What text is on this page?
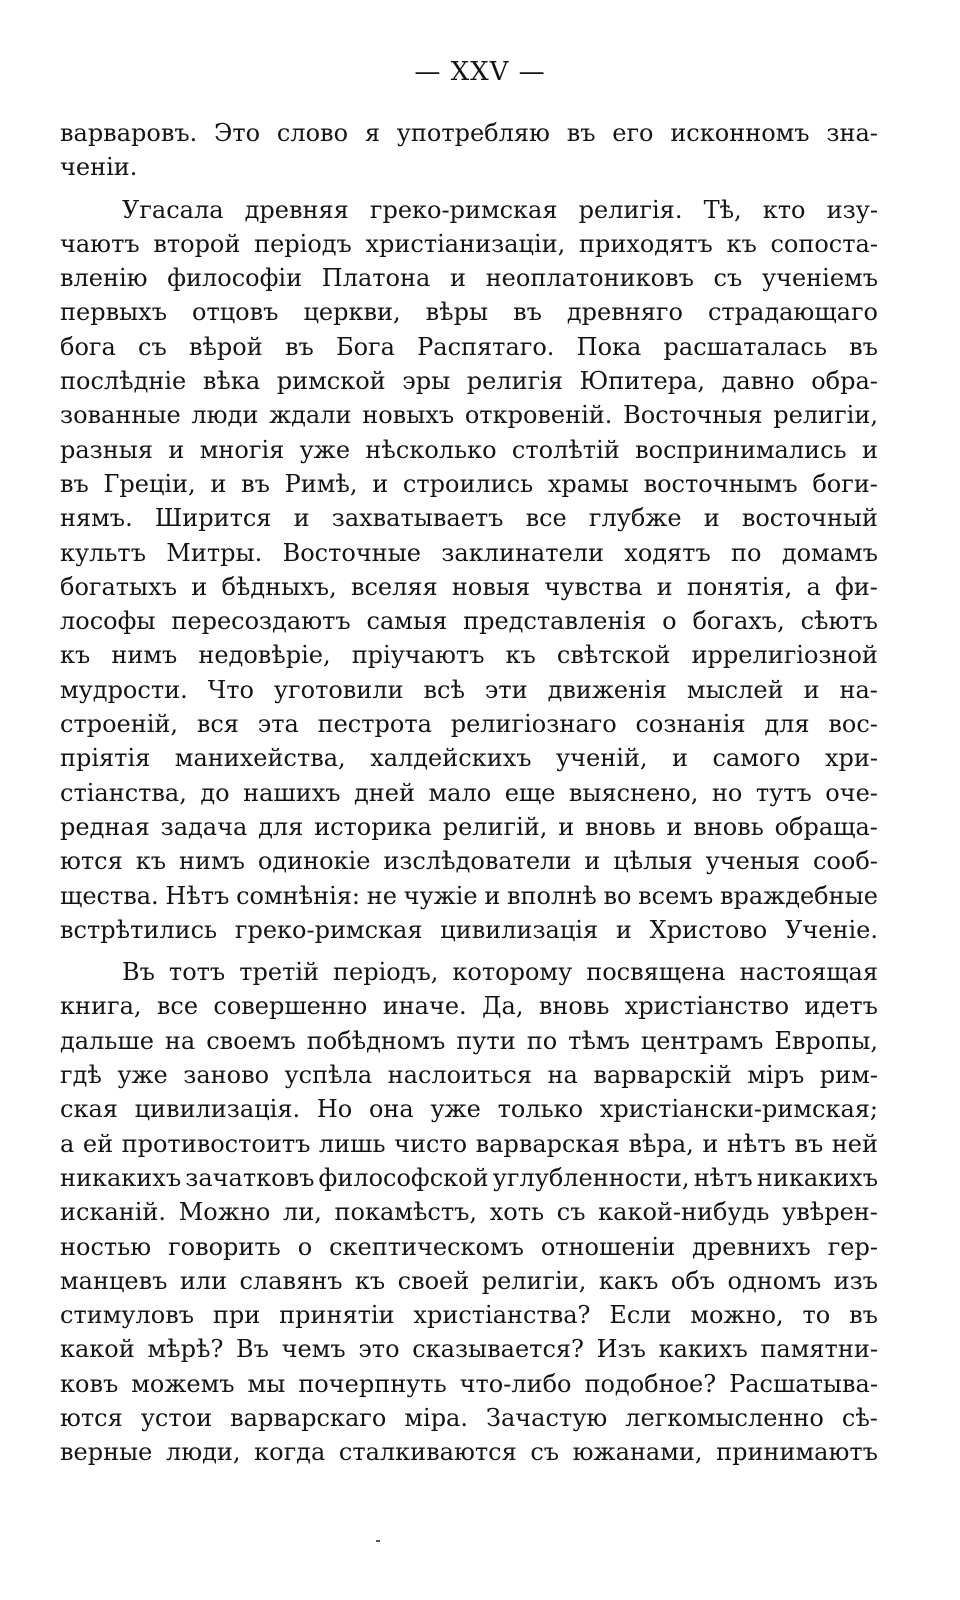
— XXV —
варваровъ. Это слово я употребляю въ его исконномъ зна-
ченіи.
Угасала древняя греко-римская религія. Тѣ, кто изу-
чаютъ второй періодъ христіанизаціи, приходятъ къ сопоста-
вленію философіи Платона и неоплатониковъ съ ученіемъ
первыхъ отцовъ церкви, вѣры въ древняго страдающаго
бога съ вѣрой въ Бога Распятаго. Пока расшаталась въ
послѣдніе вѣка римской эры религія Юпитера, давно обра-
зованные люди ждали новыхъ откровеній. Восточныя религіи,
разныя и многія уже нѣсколько столѣтій воспринимались и
въ Греціи, и въ Римѣ, и строились храмы восточнымъ боги-
нямъ. Ширится и захватываетъ все глубже и восточный
культъ Митры. Восточные заклинатели ходятъ по домамъ
богатыхъ и бѣдныхъ, вселяя новыя чувства и понятія, а фи-
лософы пересоздаютъ самыя представленія о богахъ, сѣютъ
къ нимъ недовѣріе, пріучаютъ къ свѣтской иррелигіозной
мудрости. Что уготовили всѣ эти движенія мыслей и на-
строеній, вся эта пестрота религіознаго сознанія для вос-
пріятія манихейства, халдейскихъ ученій, и самого хри-
стіанства, до нашихъ дней мало еще выяснено, но тутъ оче-
редная задача для историка религій, и вновь и вновь обраща-
ются къ нимъ одинокіе изслѣдователи и цѣлыя ученыя сооб-
щества. Нѣтъ сомнѣнія: не чужіе и вполнѣ во всемъ враждебные
встрѣтились греко-римская цивилизація и Христово Ученіе.
Въ тотъ третій періодъ, которому посвящена настоящая
книга, все совершенно иначе. Да, вновь христіанство идетъ
дальше на своемъ побѣдномъ пути по тѣмъ центрамъ Европы,
гдѣ уже заново успѣла наслоиться на варварскій міръ рим-
ская цивилизація. Но она уже только христіански-римская;
а ей противостоитъ лишь чисто варварская вѣра, и нѣтъ въ ней
никакихъ зачатковъ философской углубленности, нѣтъ никакихъ
исканій. Можно ли, покамѣстъ, хоть съ какой-нибудь увѣрен-
ностью говорить о скептическомъ отношеніи древнихъ гер-
манцевъ или славянъ къ своей религіи, какъ объ одномъ изъ
стимуловъ при принятіи христіанства? Если можно, то въ
какой мѣрѣ? Въ чемъ это сказывается? Изъ какихъ памятни-
ковъ можемъ мы почерпнуть что-либо подобное? Расшатыва-
ются устои варварскаго міра. Зачастую легкомысленно сѣ-
верные люди, когда сталкиваются съ южанами, принимаютъ
